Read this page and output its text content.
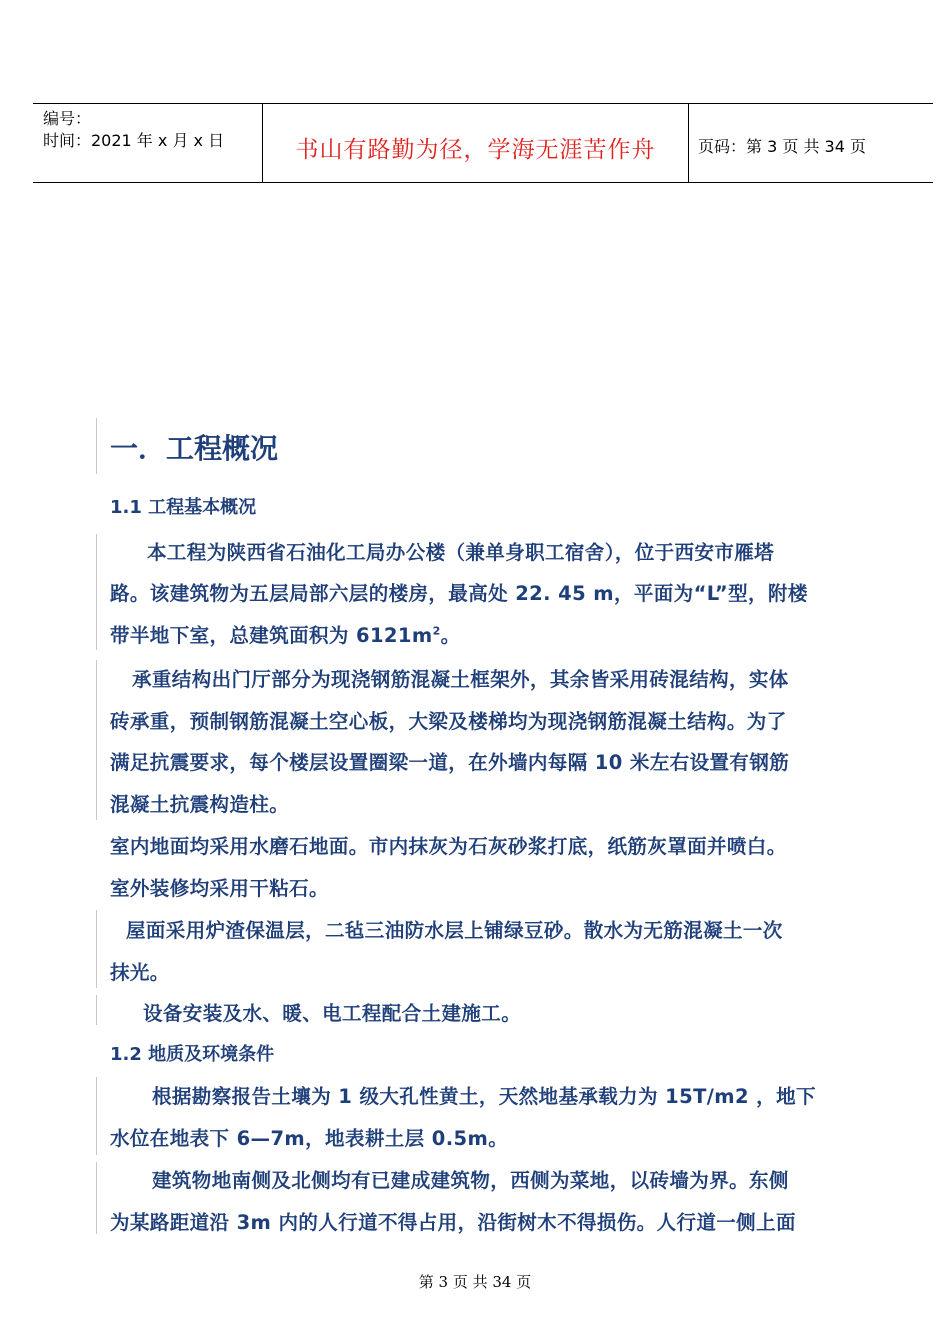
编号：
时间：2021 年 x 月 x 日	书山有路勤为径，学海无涯苦作舟	页码：第 3 页 共 34 页
一．工程概况
1.1 工程基本概况
本工程为陕西省石油化工局办公楼（兼单身职工宿舍），位于西安市雁塔
路。该建筑物为五层局部六层的楼房，最高处 22. 45 m，平面为“L”型，附楼
带半地下室，总建筑面积为 $6121m^2$。
承重结构出门厅部分为现浇钢筋混凝土框架外，其余皆采用砖混结构，实体
砖承重，预制钢筋混凝土空心板，大梁及楼梯均为现浇钢筋混凝土结构。为了
满足抗震要求，每个楼层设置圈梁一道，在外墙内每隔 10 米左右设置有钢筋
混凝土抗震构造柱。
室内地面均采用水磨石地面。市内抹灰为石灰砂浆打底，纸筋灰罩面并喷白。
室外装修均采用干粘石。
屋面采用炉渣保温层，二毡三油防水层上铺绿豆砂。散水为无筋混凝土一次
抹光。
设备安装及水、暖、电工程配合土建施工。
1.2 地质及环境条件
根据勘察报告土壤为 1 级大孔性黄土，天然地基承载力为 15T/m2 ，地下
水位在地表下 6—7m，地表耕土层 0.5m。
建筑物地南侧及北侧均有已建成建筑物，西侧为菜地，以砖墙为界。东侧
为某路距道沿 3m 内的人行道不得占用，沿街树木不得损伤。人行道一侧上面
第 3 页 共 34 页
